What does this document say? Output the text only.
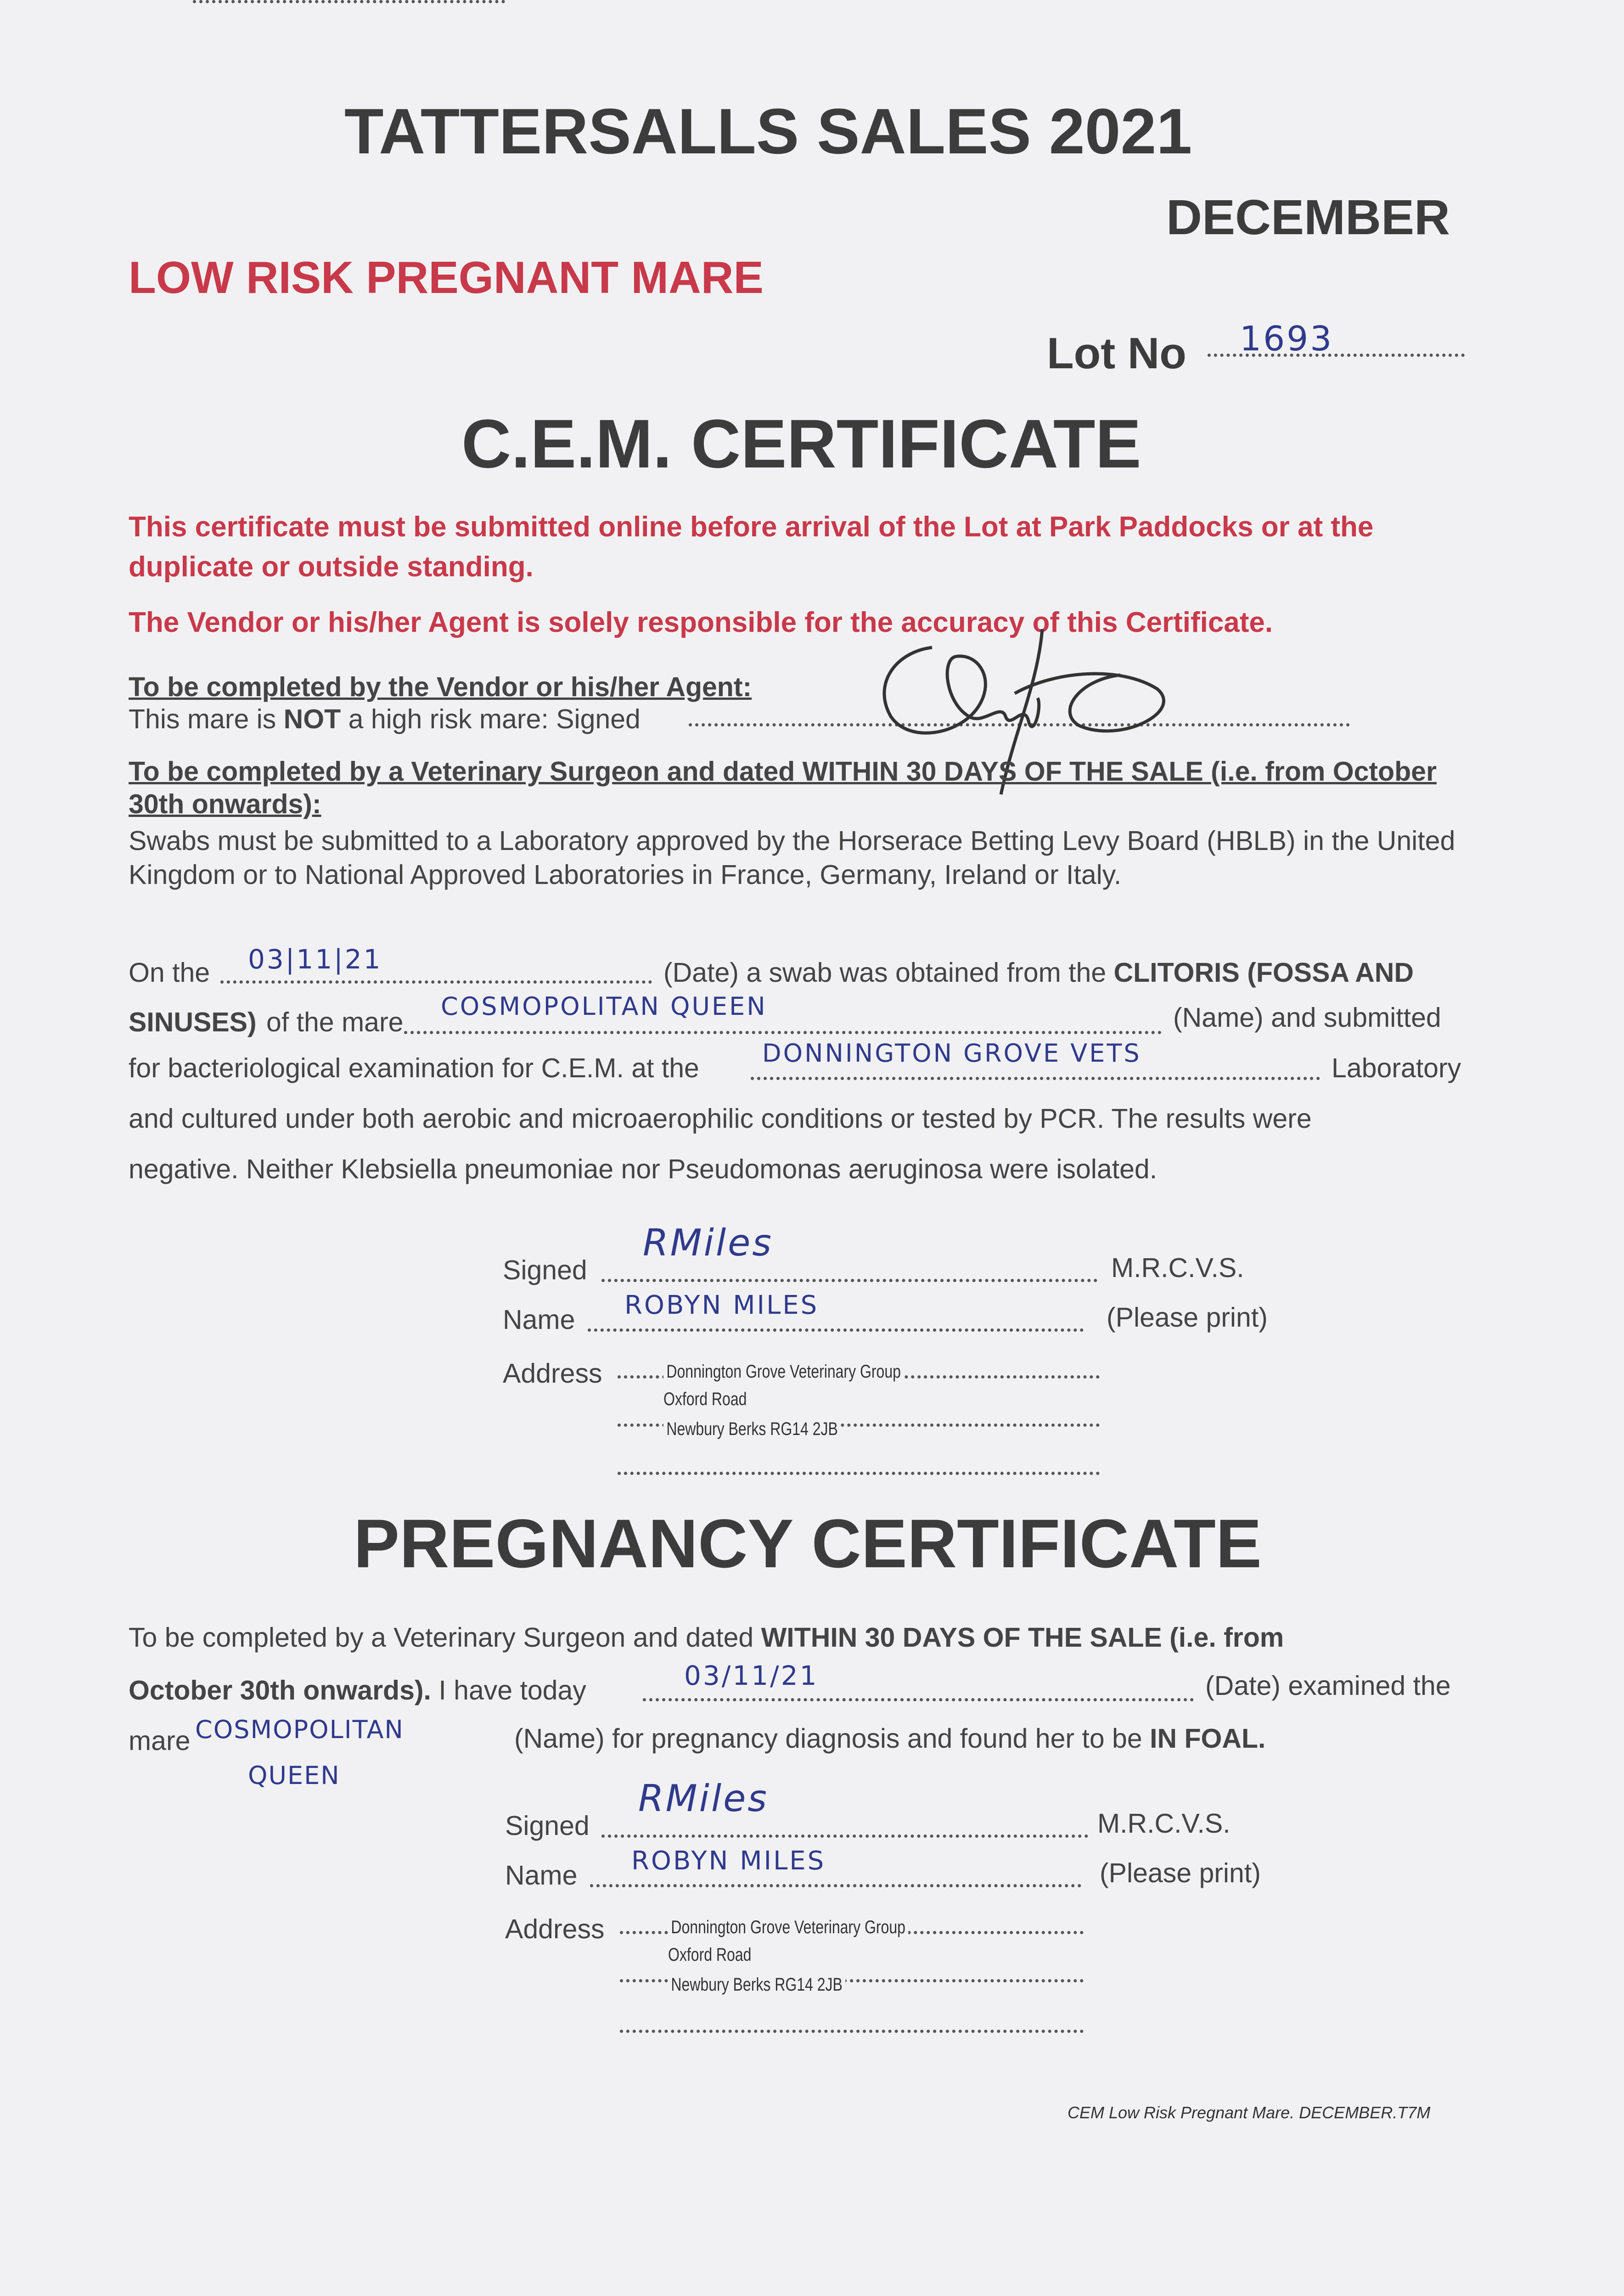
TATTERSALLS SALES 2021
DECEMBER
LOW RISK PREGNANT MARE
Lot No 1693
C.E.M. CERTIFICATE
This certificate must be submitted online before arrival of the Lot at Park Paddocks or at the duplicate or outside standing.
The Vendor or his/her Agent is solely responsible for the accuracy of this Certificate.
To be completed by the Vendor or his/her Agent:
This mare is NOT a high risk mare: Signed
To be completed by a Veterinary Surgeon and dated WITHIN 30 DAYS OF THE SALE (i.e. from October 30th onwards):
Swabs must be submitted to a Laboratory approved by the Horserace Betting Levy Board (HBLB) in the United Kingdom or to National Approved Laboratories in France, Germany, Ireland or Italy.
On the 03|11|21	(Date) a swab was obtained from the CLITORIS (FOSSA AND
SINUSES) of the mare
COSMOPOLITAN QUEEN	(Name) and submitted
for bacteriological examination for C.E.M. at the	DONNINGTON GROVE VETS	Laboratory
and cultured under both aerobic and microaerophilic conditions or tested by PCR. The results were
negative. Neither Klebsiella pneumoniae nor Pseudomonas aeruginosa were isolated.
Signed
RMiles
M.R.C.V.S.
Name ROBYN MILES	(Please print)
Address	Donnington Grove Veterinary Group
Oxford Road
Newbury Berks RG14 2JB
PREGNANCY CERTIFICATE
To be completed by a Veterinary Surgeon and dated WITHIN 30 DAYS OF THE SALE (i.e. from
October 30th onwards). I have today	03/11/21	(Date) examined the
mare COSMOPOLITAN	(Name) for pregnancy diagnosis and found her to be IN FOAL.
QUEEN
Signed
RMiles
M.R.C.V.S.
Name ROBYN MILES	(Please print)
Address	Donnington Grove Veterinary Group
Oxford Road
Newbury Berks RG14 2JB
CEM Low Risk Pregnant Mare. DECEMBER.T7M
